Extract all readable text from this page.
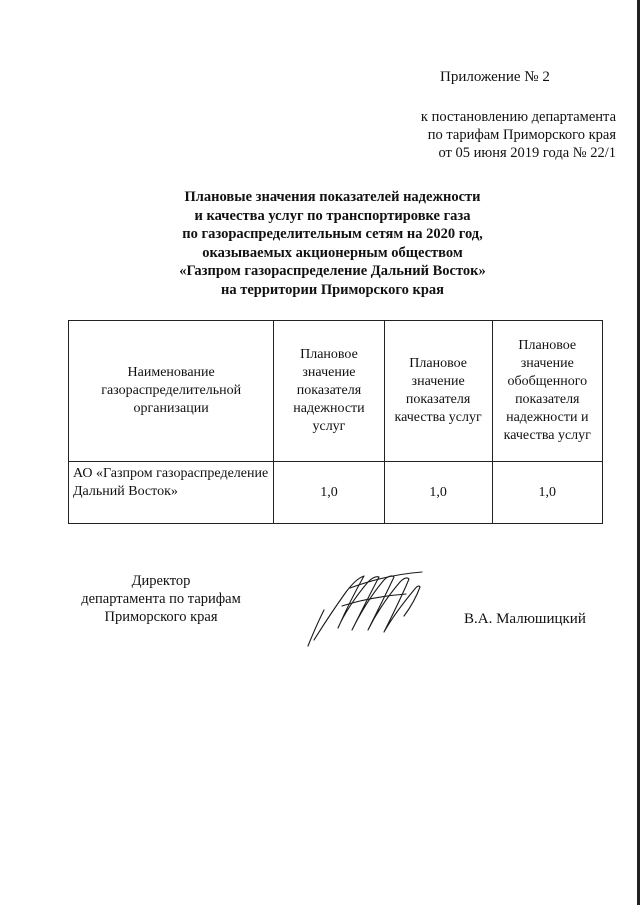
Приложение № 2
к постановлению департамента
по тарифам Приморского края
от 05 июня 2019 года № 22/1
Плановые значения показателей надежности
и качества услуг по транспортировке газа
по газораспределительным сетям на 2020 год,
оказываемых акционерным обществом
«Газпром газораспределение Дальний Восток»
на территории Приморского края
Наименование газораспределительной организации	Плановое значение показателя надежности услуг	Плановое значение показателя качества услуг	Плановое значение обобщенного показателя надежности и качества услуг
АО «Газпром газораспределение Дальний Восток»	1,0	1,0	1,0
Директор
департамента по тарифам
Приморского края	В.А. Малюшицкий
